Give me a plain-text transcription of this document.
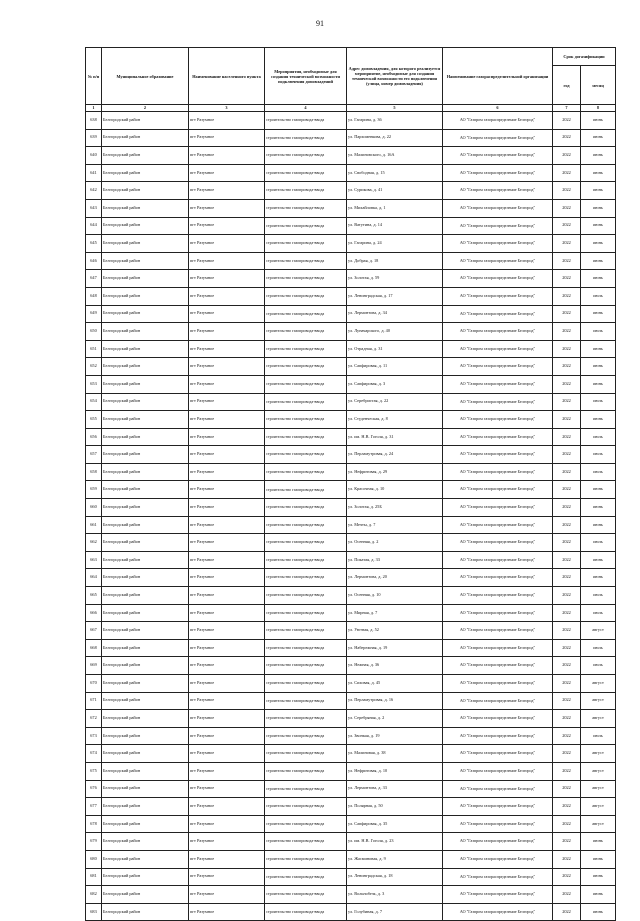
91
№ п/п	Муниципальное образование	Наименование населенного пункта	Мероприятия, необходимые для создания технической возможности подключения домовладений	Адрес домовладения, для которого реализуется мероприятие, необходимые для создания технической возможности его подключения (улица, номер домовладения)	Наименование газораспределительной организации	Срок догазификации	
						год	месяц
1	2	3	4	5	6	7	8
638	Белгородский район	пгт Разумное	строительство газопровода-ввода	ул. Гагарина, д. 36	АО "Газпром газораспределение Белгород"	2022	июнь
639	Белгородский район	пгт Разумное	строительство газопровода-ввода	ул. Пархоменкова, д. 22	АО "Газпром газораспределение Белгород"	2022	июнь
640	Белгородский район	пгт Разумное	строительство газопровода-ввода	ул. Малиновского, д. 16А	АО "Газпром газораспределение Белгород"	2022	июнь
641	Белгородский район	пгт Разумное	строительство газопровода-ввода	ул. Свободная, д. 15	АО "Газпром газораспределение Белгород"	2022	июнь
642	Белгородский район	пгт Разумное	строительство газопровода-ввода	ул. Сурикова, д. 41	АО "Газпром газораспределение Белгород"	2022	июнь
643	Белгородский район	пгт Разумное	строительство газопровода-ввода	ул. Михайловка, д. 1	АО "Газпром газораспределение Белгород"	2022	июнь
644	Белгородский район	пгт Разумное	строительство газопровода-ввода	ул. Ватутина, д. 14	АО "Газпром газораспределение Белгород"	2022	июнь
645	Белгородский район	пгт Разумное	строительство газопровода-ввода	ул. Гагарина, д. 24	АО "Газпром газораспределение Белгород"	2022	июнь
646	Белгородский район	пгт Разумное	строительство газопровода-ввода	ул. Добрая, д. 18	АО "Газпром газораспределение Белгород"	2022	июнь
647	Белгородский район	пгт Разумное	строительство газопровода-ввода	ул. Золотая, д. 59	АО "Газпром газораспределение Белгород"	2022	июнь
648	Белгородский район	пгт Разумное	строительство газопровода-ввода	ул. Ленинградская, д. 17	АО "Газпром газораспределение Белгород"	2022	июль
649	Белгородский район	пгт Разумное	строительство газопровода-ввода	ул. Лермонтова, д. 34	АО "Газпром газораспределение Белгород"	2022	июнь
650	Белгородский район	пгт Разумное	строительство газопровода-ввода	ул. Луначарского, д. 40	АО "Газпром газораспределение Белгород"	2022	июль
651	Белгородский район	пгт Разумное	строительство газопровода-ввода	ул. Отрадная, д. 31	АО "Газпром газораспределение Белгород"	2022	июнь
652	Белгородский район	пгт Разумное	строительство газопровода-ввода	ул. Сапфировая, д. 11	АО "Газпром газораспределение Белгород"	2022	июнь
653	Белгородский район	пгт Разумное	строительство газопровода-ввода	ул. Сапфировая, д. 3	АО "Газпром газораспределение Белгород"	2022	июнь
654	Белгородский район	пгт Разумное	строительство газопровода-ввода	ул. Серебристая, д. 22	АО "Газпром газораспределение Белгород"	2022	июль
655	Белгородский район	пгт Разумное	строительство газопровода-ввода	ул. Студенческая, д. 8	АО "Газпром газораспределение Белгород"	2022	июнь
656	Белгородский район	пгт Разумное	строительство газопровода-ввода	ул. им. Н.В. Гоголя, д. 31	АО "Газпром газораспределение Белгород"	2022	июль
657	Белгородский район	пгт Разумное	строительство газопровода-ввода	ул. Перламутровая, д. 24	АО "Газпром газораспределение Белгород"	2022	июль
658	Белгородский район	пгт Разумное	строительство газопровода-ввода	ул. Нефритовая, д. 29	АО "Газпром газораспределение Белгород"	2022	июль
659	Белгородский район	пгт Разумное	строительство газопровода-ввода	ул. Красочная, д. 10	АО "Газпром газораспределение Белгород"	2022	июнь
660	Белгородский район	пгт Разумное	строительство газопровода-ввода	ул. Золотая, д. 25Б	АО "Газпром газораспределение Белгород"	2022	июнь
661	Белгородский район	пгт Разумное	строительство газопровода-ввода	ул. Мечты, д. 7	АО "Газпром газораспределение Белгород"	2022	июнь
662	Белгородский район	пгт Разумное	строительство газопровода-ввода	ул. Осенняя, д. 2	АО "Газпром газораспределение Белгород"	2022	июль
663	Белгородский район	пгт Разумное	строительство газопровода-ввода	ул. Покатая, д. 33	АО "Газпром газораспределение Белгород"	2022	июнь
664	Белгородский район	пгт Разумное	строительство газопровода-ввода	ул. Лермонтова, д. 20	АО "Газпром газораспределение Белгород"	2022	июнь
665	Белгородский район	пгт Разумное	строительство газопровода-ввода	ул. Осенняя, д. 10	АО "Газпром газораспределение Белгород"	2022	июль
666	Белгородский район	пгт Разумное	строительство газопровода-ввода	ул. Мирная, д. 7	АО "Газпром газораспределение Белгород"	2022	июль
667	Белгородский район	пгт Разумное	строительство газопровода-ввода	ул. Уютная, д. 52	АО "Газпром газораспределение Белгород"	2022	август
668	Белгородский район	пгт Разумное	строительство газопровода-ввода	ул. Набережная, д. 19	АО "Газпром газораспределение Белгород"	2022	июль
669	Белгородский район	пгт Разумное	строительство газопровода-ввода	ул. Нежная, д. 36	АО "Газпром газораспределение Белгород"	2022	июль
670	Белгородский район	пгт Разумное	строительство газопровода-ввода	ул. Сиховая, д. 45	АО "Газпром газораспределение Белгород"	2022	август
671	Белгородский район	пгт Разумное	строительство газопровода-ввода	ул. Перламутровая, д. 16	АО "Газпром газораспределение Белгород"	2022	август
672	Белгородский район	пгт Разумное	строительство газопровода-ввода	ул. Серебряная, д. 2	АО "Газпром газораспределение Белгород"	2022	август
673	Белгородский район	пгт Разумное	строительство газопровода-ввода	ул. Звонкая, д. 19	АО "Газпром газораспределение Белгород"	2022	июль
674	Белгородский район	пгт Разумное	строительство газопровода-ввода	ул. Малиновая, д. 38	АО "Газпром газораспределение Белгород"	2022	август
675	Белгородский район	пгт Разумное	строительство газопровода-ввода	ул. Нефритовая, д. 10	АО "Газпром газораспределение Белгород"	2022	август
676	Белгородский район	пгт Разумное	строительство газопровода-ввода	ул. Лермонтова, д. 33	АО "Газпром газораспределение Белгород"	2022	август
677	Белгородский район	пгт Разумное	строительство газопровода-ввода	ул. Полярная, д. 50	АО "Газпром газораспределение Белгород"	2022	август
678	Белгородский район	пгт Разумное	строительство газопровода-ввода	ул. Сапфировая, д. 35	АО "Газпром газораспределение Белгород"	2022	август
679	Белгородский район	пгт Разумное	строительство газопровода-ввода	ул. им. Н.В. Гоголя, д. 23	АО "Газпром газораспределение Белгород"	2022	июнь
680	Белгородский район	пгт Разумное	строительство газопровода-ввода	ул. Жасминовая, д. 9	АО "Газпром газораспределение Белгород"	2022	июнь
681	Белгородский район	пгт Разумное	строительство газопровода-ввода	ул. Ленинградская, д. 18	АО "Газпром газораспределение Белгород"	2022	июнь
682	Белгородский район	пгт Разумное	строительство газопровода-ввода	ул. Вольнобезк, д. 3	АО "Газпром газораспределение Белгород"	2022	июнь
683	Белгородский район	пгт Разумное	строительство газопровода-ввода	ул. Голубиная, д. 7	АО "Газпром газораспределение Белгород"	2022	июнь
